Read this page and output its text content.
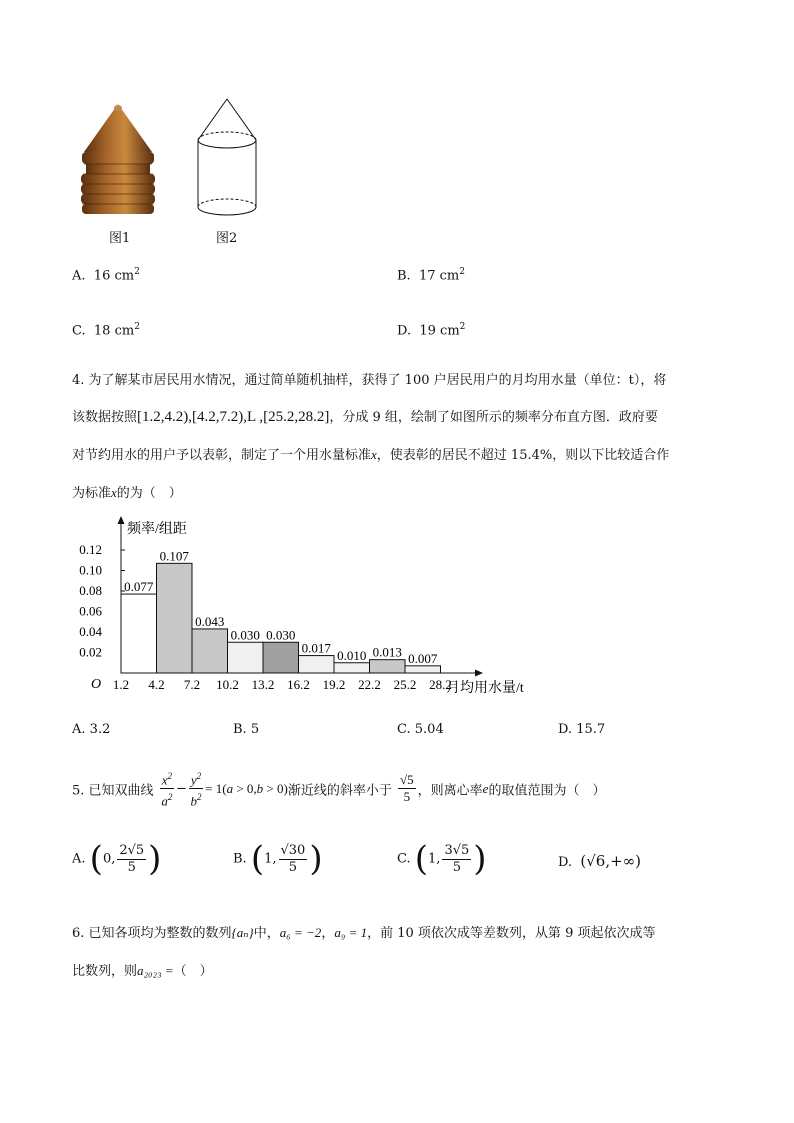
图1	图2
A. 16 $cm^2$	B. 17 $cm^2$
C. 18 $cm^2$	D. 19 $cm^2$
4. 为了解某市居民用水情况，通过简单随机抽样，获得了 100 户居民用户的月均用水量（单位：t），将
该数据按照[1.2,4.2),[4.2,7.2),L ,[25.2,28.2]，分成 9 组，绘制了如图所示的频率分布直方图．政府要
对节约用水的用户予以表彰，制定了一个用水量标准x，使表彰的居民不超过 15.4%，则以下比较适合作
为标准x的为（　）
频率/组距
月均用水量/t
O
0.02
0.04
0.06
0.08
0.10
0.12
0.077
0.107
0.043
0.030 0.030
0.017 0.010 0.013 0.007
1.2 4.2 7.2 10.2 13.2 16.2 19.2 22.2 25.2 28.2
A. 3.2	B. 5	C. 5.04	D. 15.7
5. 已知双曲线 $\frac{x^2}{a^2} - \frac{y^2}{b^2} = 1(a > 0,b > 0)$渐近线的斜率小于 $\frac{√5}{5}$ ，则离心率e的取值范围为（　）
A. (0, $\frac{2√5}{5}$ )	B. (1, $\frac{√30}{5}$ )	C. (1, $\frac{3√5}{5}$ )	D. (√6,+∞)
6. 已知各项均为整数的数列{aₙ}中，a₆ = −2，a₉ = 1，前 10 项依次成等差数列，从第 9 项起依次成等
比数列，则a₂₀₂₃ =（　）
